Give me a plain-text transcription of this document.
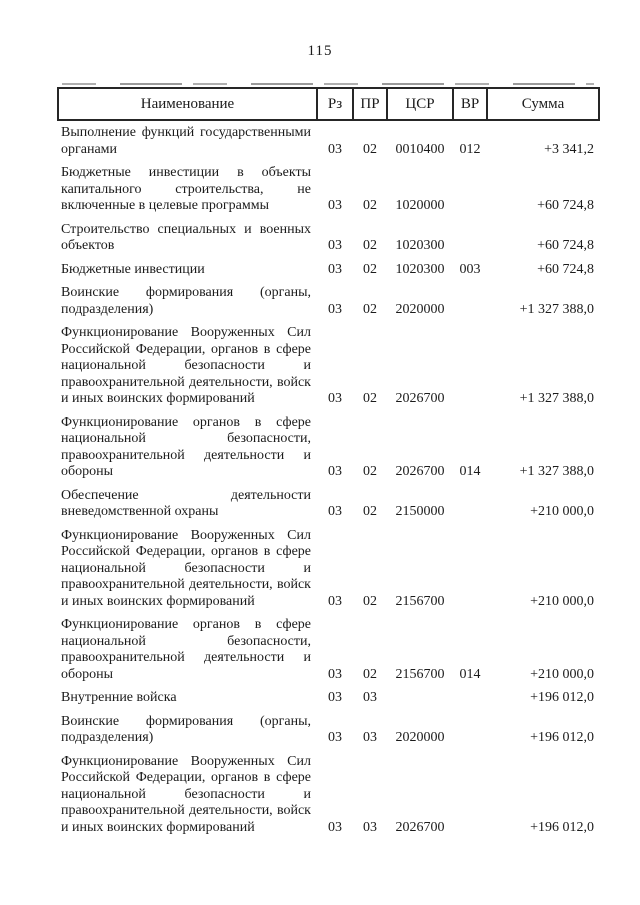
115
Наименование	Рз	ПР	ЦСР	ВР	Сумма
Выполнение функций государственными органами	03	02	0010400	012	+3 341,2
Бюджетные инвестиции в объекты капитального строительства, не включенные в целевые программы	03	02	1020000		+60 724,8
Строительство специальных и военных объектов	03	02	1020300		+60 724,8
Бюджетные инвестиции	03	02	1020300	003	+60 724,8
Воинские формирования (органы, подразделения)	03	02	2020000		+1 327 388,0
Функционирование Вооруженных Сил Российской Федерации, органов в сфере национальной безопасности и правоохранительной деятельности, войск и иных воинских формирований	03	02	2026700		+1 327 388,0
Функционирование органов в сфере национальной безопасности, правоохранительной деятельности и обороны	03	02	2026700	014	+1 327 388,0
Обеспечение деятельности вневедомственной охраны	03	02	2150000		+210 000,0
Функционирование Вооруженных Сил Российской Федерации, органов в сфере национальной безопасности и правоохранительной деятельности, войск и иных воинских формирований	03	02	2156700		+210 000,0
Функционирование органов в сфере национальной безопасности, правоохранительной деятельности и обороны	03	02	2156700	014	+210 000,0
Внутренние войска	03	03			+196 012,0
Воинские формирования (органы, подразделения)	03	03	2020000		+196 012,0
Функционирование Вооруженных Сил Российской Федерации, органов в сфере национальной безопасности и правоохранительной деятельности, войск и иных воинских формирований	03	03	2026700		+196 012,0
